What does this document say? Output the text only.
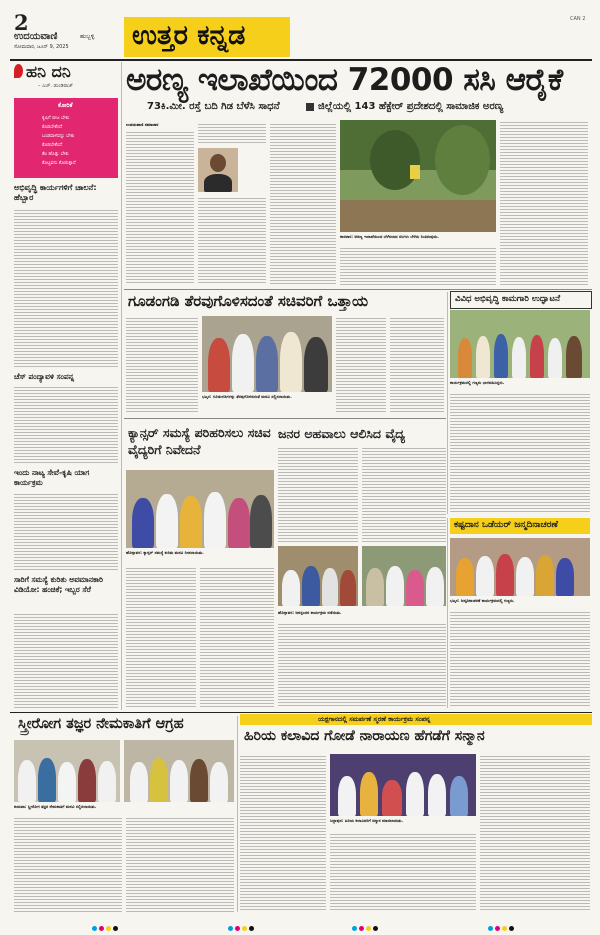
2
ಉದಯವಾಣಿ	ಹುಬ್ಬಳ್ಳಿ
ಸೋಮವಾರ, ಜೂನ್ 9, 2025 ಉತ್ತರ ಕನ್ನಡ
CAN 2
ಹನಿ ದನಿ
– ಎಚ್. ಡುಂಡಿರಾಜ್
ಕೋರಿಕೆ
ಕೃಷಿಗೆ ಬೀಜ ಬೇಕು
ಕೊಡಬೇಕೆಂದೆ
ಬಂಡವಾಳವನ್ನು ಬೇಕು
ಕೊಡಬೇಕೆಂದೆ
ಕೆಲ ಹೊತ್ತು ಬೇಕು
ಕೊಟ್ಟವನು ಕೊಡುತ್ತಾನೆ
ಅಭಿವೃದ್ಧಿ ಕಾರ್ಯಗಳಿಗೆ ಚಾಲನೆ: ಹೆಬ್ಬಾರ
ಚೆಸ್‌ ಪಂದ್ಯಾವಳಿ ಸಂಪನ್ನ
ಇಂದು ನಾಟ್ಯ ಸೇವೆ-ಕೃಷಿ ಯಾಗ ಕಾರ್ಯಕ್ರಮ
ಸಾರಿಗೆ ಸಮಸ್ಯೆ ಕುರಿತು ಅವಮಾನಕಾರಿ ವಿಡಿಯೋ: ಹಂಚಿಕೆ; ಇಬ್ಬರ ಸೆರೆ
ಅರಣ್ಯ ಇಲಾಖೆಯಿಂದ 72000 ಸಸಿ ಆರೈಕೆ
73ಕಿ.ಮೀ. ರಸ್ತೆ ಬದಿ ಗಿಡ ಬೆಳೆಸಿ ಸಾಧನೆ	ಜಿಲ್ಲೆಯಲ್ಲಿ 143 ಹೆಕ್ಟೇರ್ ಪ್ರದೇಶದಲ್ಲಿ ಸಾಮಾಜಿಕ ಅರಣ್ಯ
ಉದಯವಾಣಿ ಸಮಾಚಾರ
ಕಾರವಾರ: ಅರಣ್ಯ ಇಲಾಖೆಯಿಂದ ಬೆಳೆಸಲಾದ ಸಸಿಗಳು ಬೆಳೆದು ನಿಂತಿರುವುದು.
ಗೂಡಂಗಡಿ ತೆರವುಗೊಳಿಸದಂತೆ ಸಚಿವರಿಗೆ ಒತ್ತಾಯ
ಭಟ್ಕಳ: ಗೂಡಂಗಡಿಗಳನ್ನು ತೆರವುಗೊಳಿಸದಂತೆ ಮನವಿ ಸಲ್ಲಿಸಲಾಯಿತು.
ವಿವಿಧ ಅಭಿವೃದ್ಧಿ ಕಾಮಗಾರಿ ಉದ್ಘಾಟನೆ
ಕಾರ್ಯಕ್ರಮದಲ್ಲಿ ಗಣ್ಯರು ಭಾಗವಹಿಸಿದ್ದರು.
ಕ್ಯಾನ್ಸರ್ ಸಮಸ್ಯೆ ಪರಿಹರಿಸಲು ಸಚಿವ ವೈದ್ಯರಿಗೆ ನಿವೇದನೆ
ಹೊನ್ನಾವರ: ಕ್ಯಾನ್ಸರ್ ಸಮಸ್ಯೆ ಕುರಿತು ಮನವಿ ನೀಡಲಾಯಿತು.
ಜನರ ಅಹವಾಲು ಆಲಿಸಿದ ವೈದ್ಯ
ಹೊನ್ನಾವರ: ಜನಸ್ಪಂದನ ಕಾರ್ಯಕ್ರಮ ನಡೆಯಿತು.
ಕಷ್ಟದಾನ ಒಡೆಯರ್ ಜನ್ಮದಿನಾಚರಣೆ
ಭಟ್ಕಳ: ಜನ್ಮದಿನಾಚರಣೆ ಕಾರ್ಯಕ್ರಮದಲ್ಲಿ ಗಣ್ಯರು.
ಸ್ತ್ರೀರೋಗ ತಜ್ಞರ ನೇಮಕಾತಿಗೆ ಆಗ್ರಹ
ಕುಮಟಾ: ಸ್ತ್ರೀರೋಗ ತಜ್ಞರ ನೇಮಕಾತಿಗೆ ಮನವಿ ಸಲ್ಲಿಸಲಾಯಿತು.
ಯಕ್ಷಗಾನದಲ್ಲಿ ಸಮರ್ಪಣೆ ಸ್ಮರಣೆ ಕಾರ್ಯಕ್ರಮ ಸಂಪನ್ನ
ಹಿರಿಯ ಕಲಾವಿದ ಗೋಡೆ ನಾರಾಯಣ ಹೆಗಡೆಗೆ ಸನ್ಮಾನ
ಸಿದ್ದಾಪುರ: ಹಿರಿಯ ಕಲಾವಿದರಿಗೆ ಸನ್ಮಾನ ಮಾಡಲಾಯಿತು.
